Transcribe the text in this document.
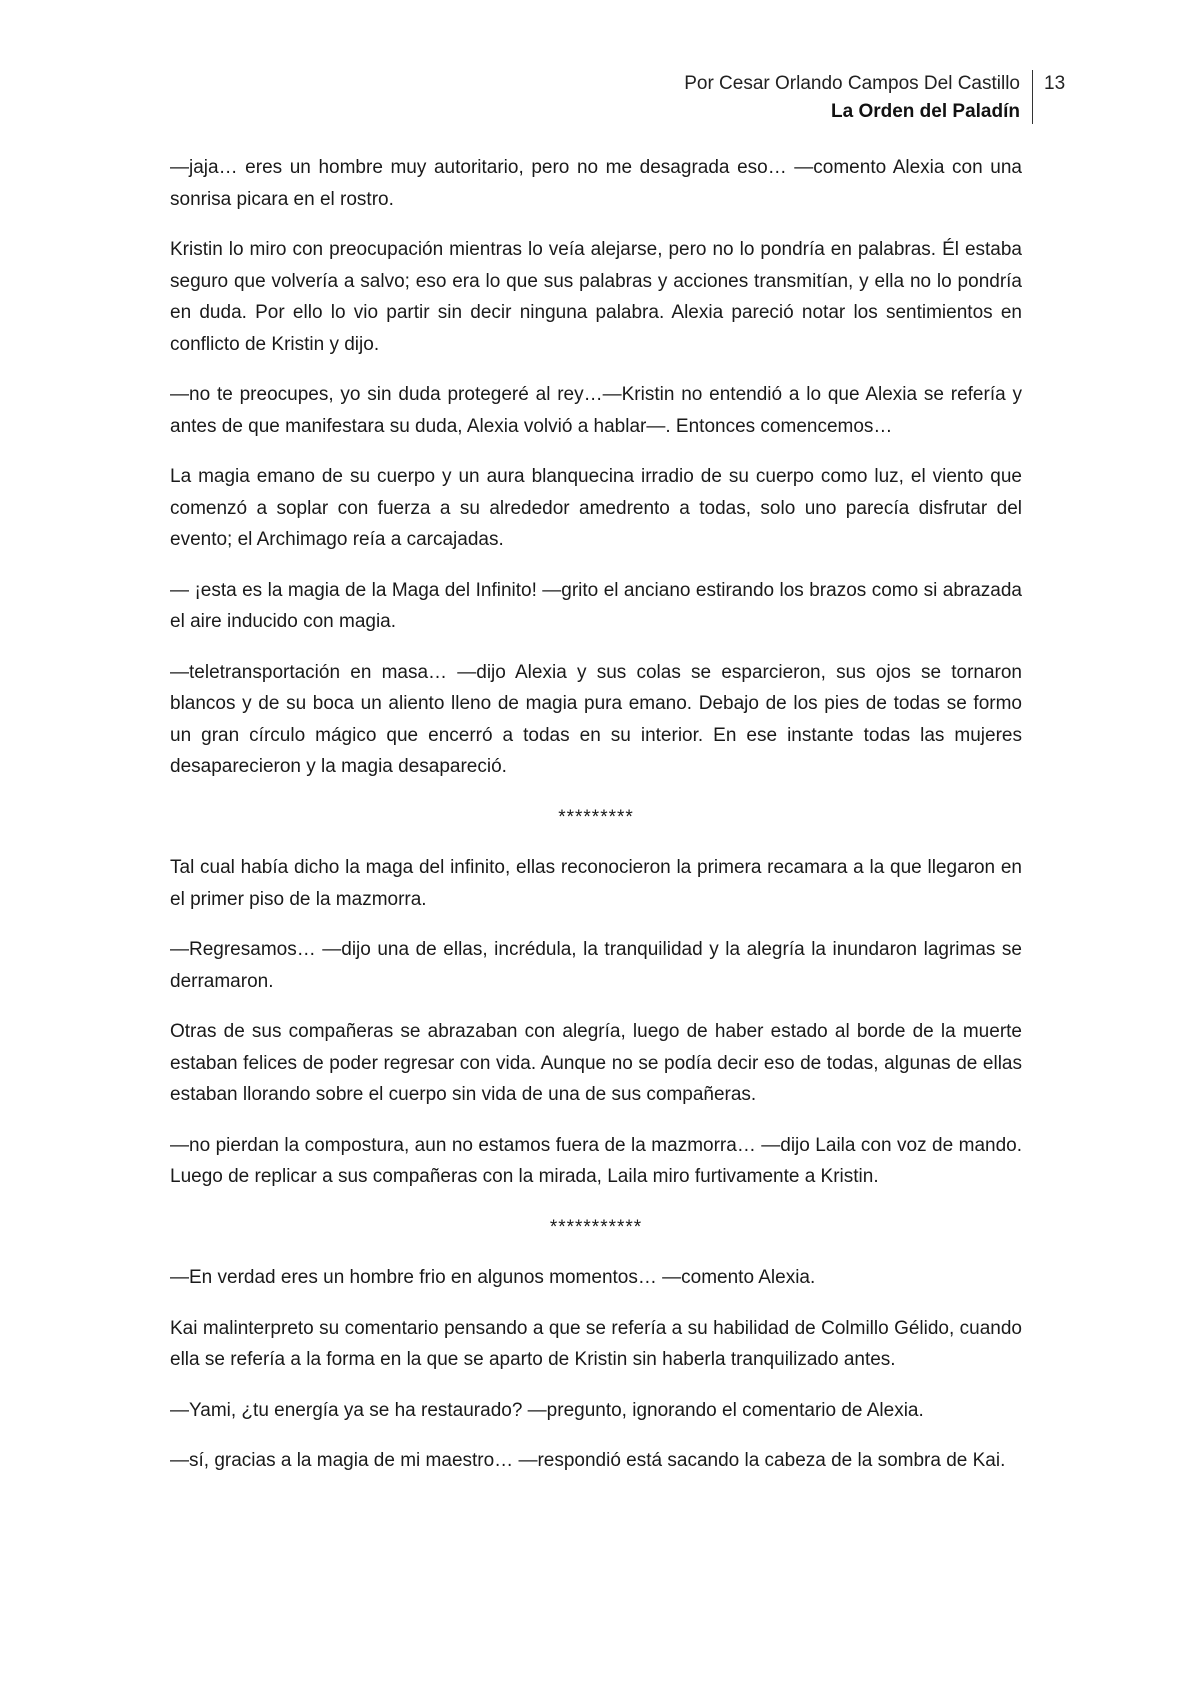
Por Cesar Orlando Campos Del Castillo
La Orden del Paladín
13

—jaja… eres un hombre muy autoritario, pero no me desagrada eso… —comento Alexia con una sonrisa picara en el rostro.

Kristin lo miro con preocupación mientras lo veía alejarse, pero no lo pondría en palabras. Él estaba seguro que volvería a salvo; eso era lo que sus palabras y acciones transmitían, y ella no lo pondría en duda. Por ello lo vio partir sin decir ninguna palabra. Alexia pareció notar los sentimientos en conflicto de Kristin y dijo.

—no te preocupes, yo sin duda protegeré al rey…—Kristin no entendió a lo que Alexia se refería y antes de que manifestara su duda, Alexia volvió a hablar—. Entonces comencemos…

La magia emano de su cuerpo y un aura blanquecina irradio de su cuerpo como luz, el viento que comenzó a soplar con fuerza a su alrededor amedrento a todas, solo uno parecía disfrutar del evento; el Archimago reía a carcajadas.

— ¡esta es la magia de la Maga del Infinito! —grito el anciano estirando los brazos como si abrazada el aire inducido con magia.

—teletransportación en masa… —dijo Alexia y sus colas se esparcieron, sus ojos se tornaron blancos y de su boca un aliento lleno de magia pura emano. Debajo de los pies de todas se formo un gran círculo mágico que encerró a todas en su interior. En ese instante todas las mujeres desaparecieron y la magia desapareció.

*********

Tal cual había dicho la maga del infinito, ellas reconocieron la primera recamara a la que llegaron en el primer piso de la mazmorra.

—Regresamos… —dijo una de ellas, incrédula, la tranquilidad y la alegría la inundaron lagrimas se derramaron.

Otras de sus compañeras se abrazaban con alegría, luego de haber estado al borde de la muerte estaban felices de poder regresar con vida. Aunque no se podía decir eso de todas, algunas de ellas estaban llorando sobre el cuerpo sin vida de una de sus compañeras.

—no pierdan la compostura, aun no estamos fuera de la mazmorra… —dijo Laila con voz de mando. Luego de replicar a sus compañeras con la mirada, Laila miro furtivamente a Kristin.

***********

—En verdad eres un hombre frio en algunos momentos… —comento Alexia.

Kai malinterpreto su comentario pensando a que se refería a su habilidad de Colmillo Gélido, cuando ella se refería a la forma en la que se aparto de Kristin sin haberla tranquilizado antes.

—Yami, ¿tu energía ya se ha restaurado? —pregunto, ignorando el comentario de Alexia.

—sí, gracias a la magia de mi maestro… —respondió está sacando la cabeza de la sombra de Kai.
